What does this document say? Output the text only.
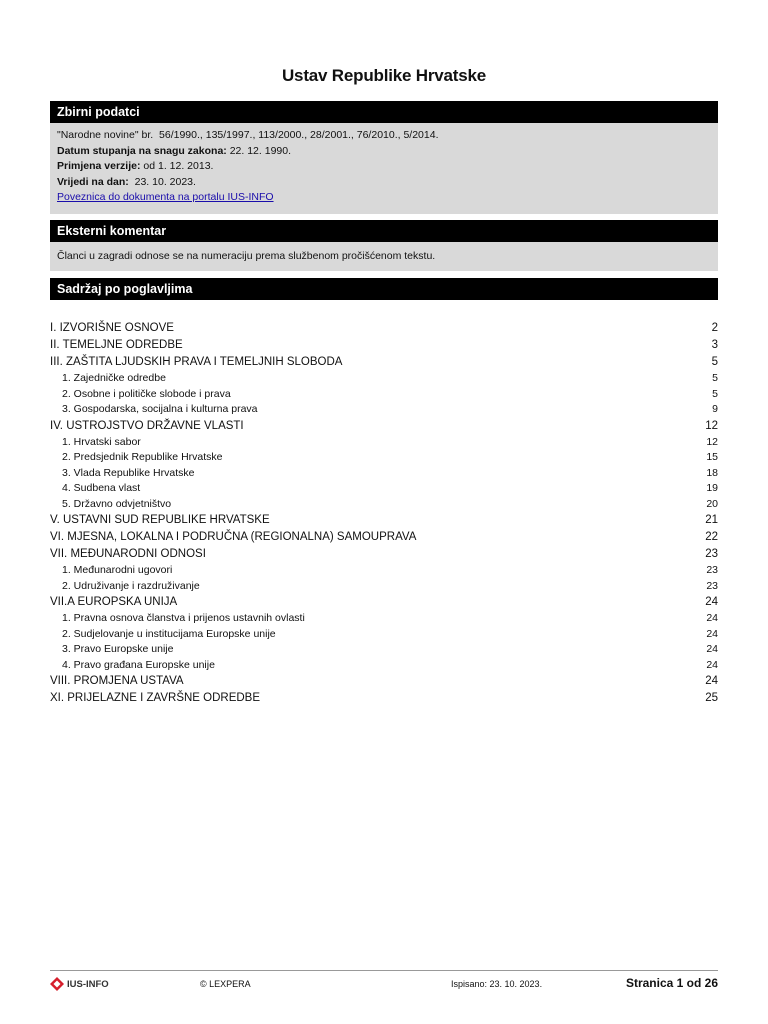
Ustav Republike Hrvatske
Zbirni podatci
"Narodne novine" br. 56/1990., 135/1997., 113/2000., 28/2001., 76/2010., 5/2014.
Datum stupanja na snagu zakona: 22. 12. 1990.
Primjena verzije: od 1. 12. 2013.
Vrijedi na dan: 23. 10. 2023.
Poveznica do dokumenta na portalu IUS-INFO
Eksterni komentar
Članci u zagradi odnose se na numeraciju prema službenom pročišćenom tekstu.
Sadržaj po poglavljima
I. IZVORIŠNE OSNOVE	2
II. TEMELJNE ODREDBE	3
III. ZAŠTITA LJUDSKIH PRAVA I TEMELJNIH SLOBODA	5
1. Zajedničke odredbe	5
2. Osobne i političke slobode i prava	5
3. Gospodarska, socijalna i kulturna prava	9
IV. USTROJSTVO DRŽAVNE VLASTI	12
1. Hrvatski sabor	12
2. Predsjednik Republike Hrvatske	15
3. Vlada Republike Hrvatske	18
4. Sudbena vlast	19
5. Državno odvjetništvo	20
V. USTAVNI SUD REPUBLIKE HRVATSKE	21
VI. MJESNA, LOKALNA I PODRUČNA (REGIONALNA) SAMOUPRAVA	22
VII. MEĐUNARODNI ODNOSI	23
1. Međunarodni ugovori	23
2. Udruživanje i razdruživanje	23
VII.A EUROPSKA UNIJA	24
1. Pravna osnova članstva i prijenos ustavnih ovlasti	24
2. Sudjelovanje u institucijama Europske unije	24
3. Pravo Europske unije	24
4. Pravo građana Europske unije	24
VIII. PROMJENA USTAVA	24
XI. PRIJELAZNE I ZAVRŠNE ODREDBE	25
IUS-INFO	© LEXPERA	Ispisano: 23. 10. 2023.	Stranica 1 od 26
